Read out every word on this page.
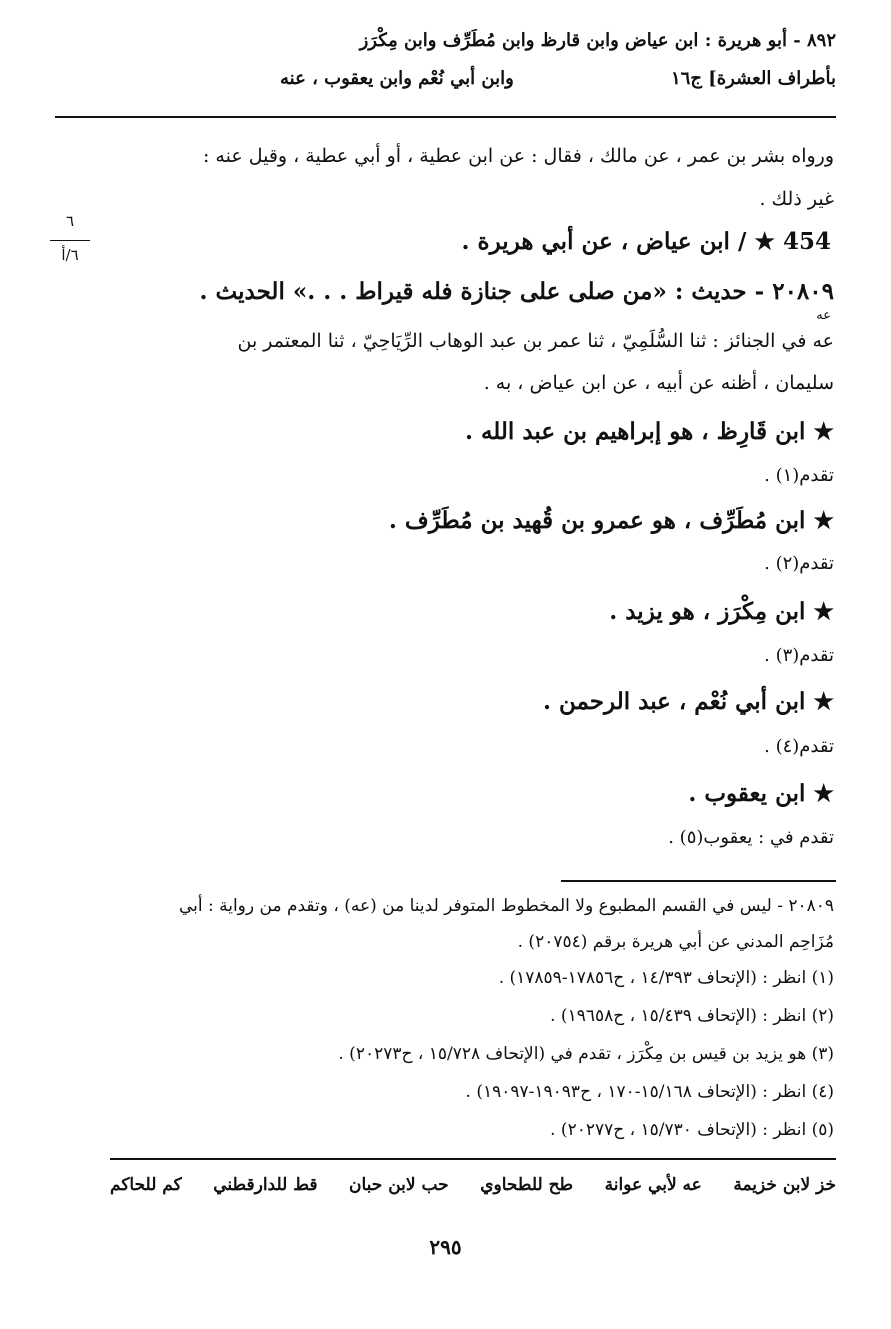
٨٩٢ - أبو هريرة : ابن عياض وابن قارظ وابن مُطَرِّف وابن مِكْرَز
بأطراف العشرة] ج١٦
وابن أبي نُعْم وابن يعقوب ، عنه
٦
٦/أ
ورواه بشر بن عمر ، عن مالك ، فقال : عن ابن عطية ، أو أبي عطية ، وقيل عنه :
غير ذلك .
454 ★ / ابن عياض ، عن أبي هريرة .
٢٠٨٠٩ - حديث : «من صلى على جنازة فله قيراط . . .» الحديث .
عه
عه في الجنائز : ثنا السُّلَمِيّ ، ثنا عمر بن عبد الوهاب الرِّيَاحِيّ ، ثنا المعتمر بن
سليمان ، أظنه عن أبيه ، عن ابن عياض ، به .
★ ابن قَارِظ ، هو إبراهيم بن عبد الله .
تقدم(١) .
★ ابن مُطَرِّف ، هو عمرو بن قُهيد بن مُطَرِّف .
تقدم(٢) .
★ ابن مِكْرَز ، هو يزيد .
تقدم(٣) .
★ ابن أبي نُعْم ، عبد الرحمن .
تقدم(٤) .
★ ابن يعقوب .
تقدم في : يعقوب(٥) .
٢٠٨٠٩ - ليس في القسم المطبوع ولا المخطوط المتوفر لدينا من (عه) ، وتقدم من رواية : أبي
مُزَاحِم المدني عن أبي هريرة برقم (٢٠٧٥٤) .
(١) انظر : (الإتحاف ١٤/٣٩٣ ، ح١٧٨٥٦-١٧٨٥٩) .
(٢) انظر : (الإتحاف ١٥/٤٣٩ ، ح١٩٦٥٨) .
(٣) هو يزيد بن قيس بن مِكْرَز ، تقدم في (الإتحاف ١٥/٧٢٨ ، ح٢٠٢٧٣) .
(٤) انظر : (الإتحاف ١٥/١٦٨-١٧٠ ، ح١٩٠٩٣-١٩٠٩٧) .
(٥) انظر : (الإتحاف ١٥/٧٣٠ ، ح٢٠٢٧٧) .
خز لابن خزيمة
عه لأبي عوانة
طح للطحاوي
حب لابن حبان
قط للدارقطني
كم للحاكم
٢٩٥
